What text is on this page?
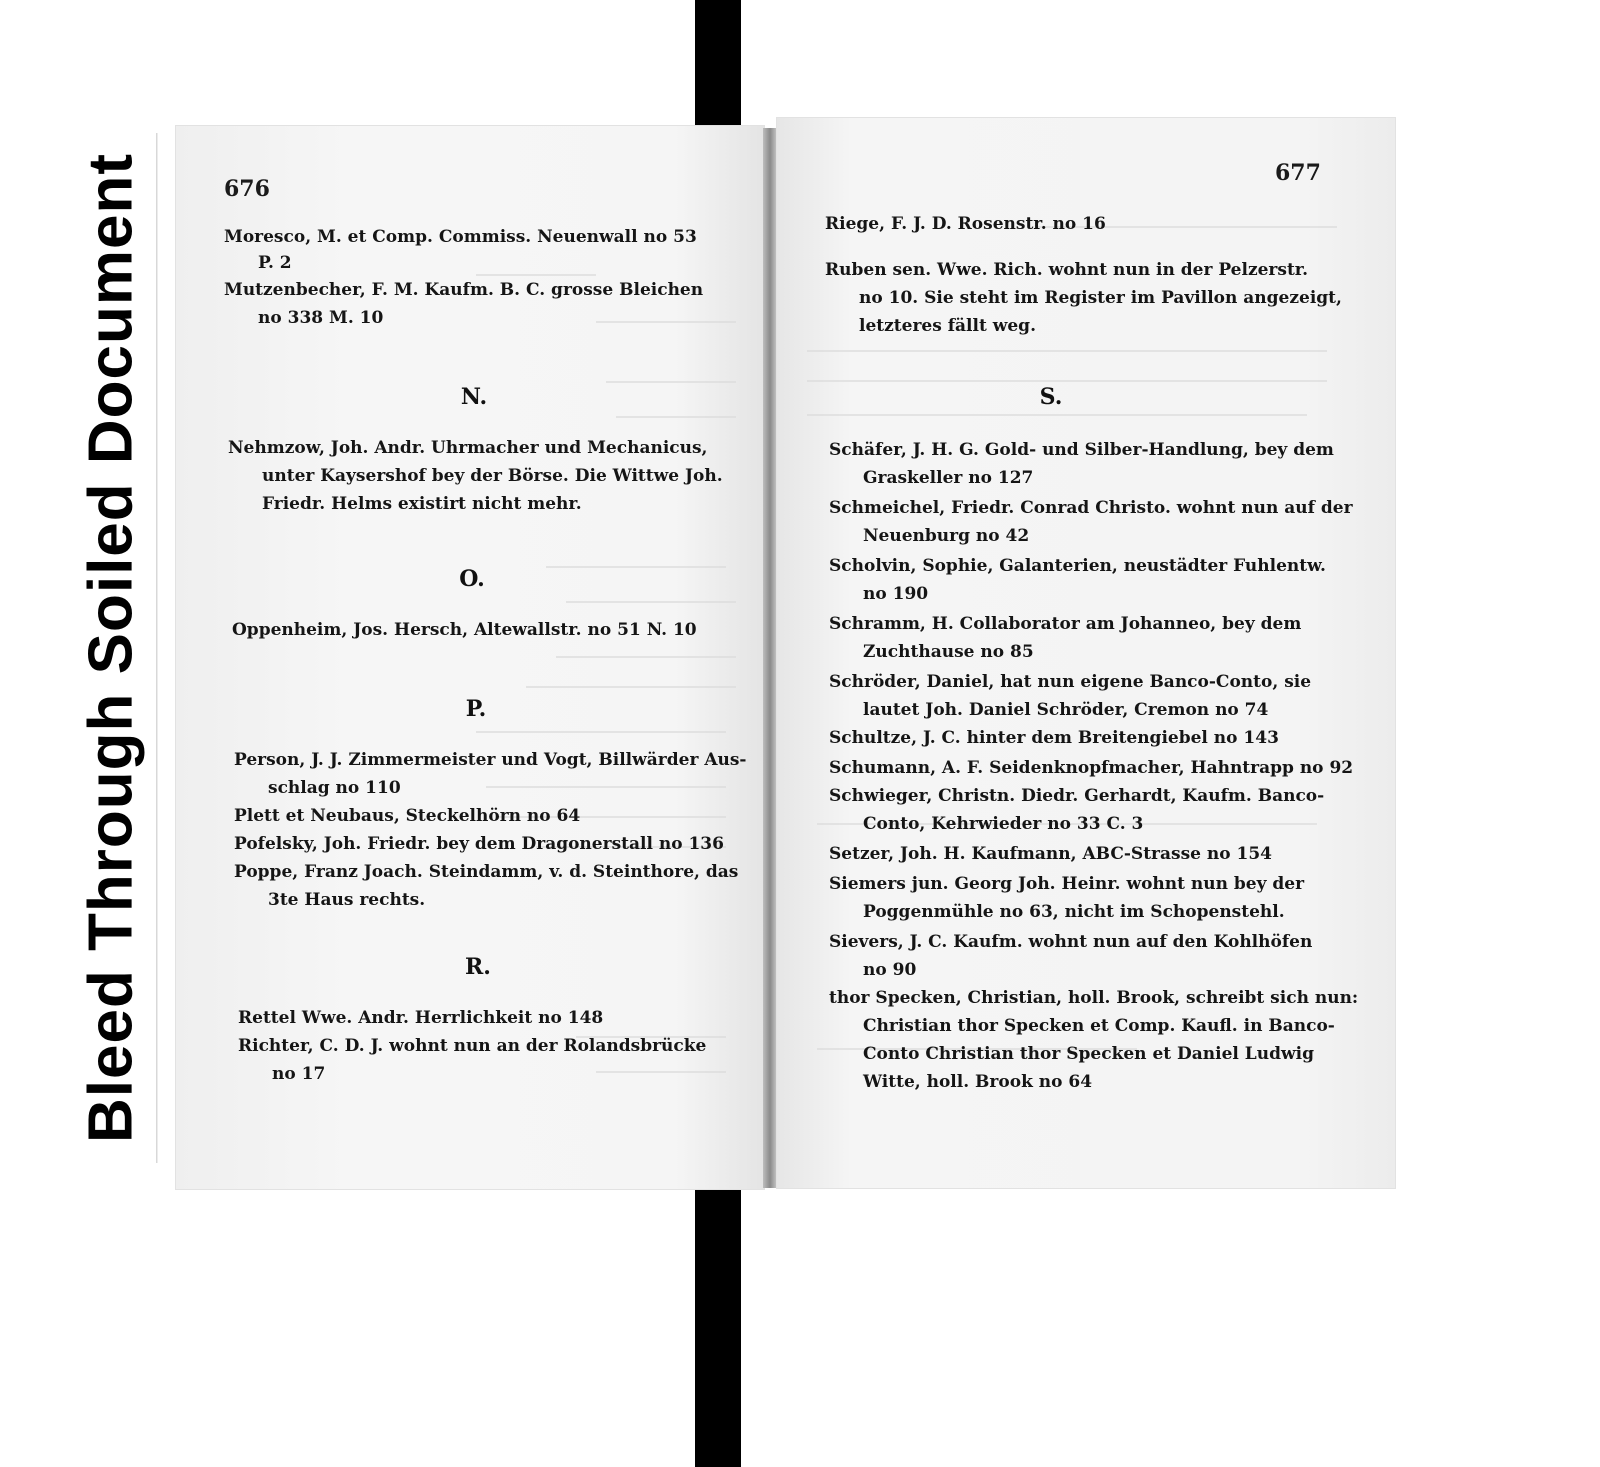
Bleed Through Soiled Document	676
Moresco, M. et Comp. Commiss. Neuenwall no 53
P. 2
Mutzenbecher, F. M. Kaufm. B. C. grosse Bleichen
no 338 M. 10
N.
Nehmzow, Joh. Andr. Uhrmacher und Mechanicus,
unter Kaysershof bey der Börse. Die Wittwe Joh.
Friedr. Helms existirt nicht mehr.
O.
Oppenheim, Jos. Hersch, Altewallstr. no 51 N. 10
P.
Person, J. J. Zimmermeister und Vogt, Billwärder Aus-
schlag no 110
Plett et Neubaus, Steckelhörn no 64
Pofelsky, Joh. Friedr. bey dem Dragonerstall no 136
Poppe, Franz Joach. Steindamm, v. d. Steinthore, das
3te Haus rechts.
R.
Rettel Wwe. Andr. Herrlichkeit no 148
Richter, C. D. J. wohnt nun an der Rolandsbrücke
no 17
677
Riege, F. J. D. Rosenstr. no 16
Ruben sen. Wwe. Rich. wohnt nun in der Pelzerstr.
no 10. Sie steht im Register im Pavillon angezeigt,
letzteres fällt weg.
S.
Schäfer, J. H. G. Gold- und Silber-Handlung, bey dem
Graskeller no 127
Schmeichel, Friedr. Conrad Christo. wohnt nun auf der
Neuenburg no 42
Scholvin, Sophie, Galanterien, neustädter Fuhlentw.
no 190
Schramm, H. Collaborator am Johanneo, bey dem
Zuchthause no 85
Schröder, Daniel, hat nun eigene Banco-Conto, sie
lautet Joh. Daniel Schröder, Cremon no 74
Schultze, J. C. hinter dem Breitengiebel no 143
Schumann, A. F. Seidenknopfmacher, Hahntrapp no 92
Schwieger, Christn. Diedr. Gerhardt, Kaufm. Banco-
Conto, Kehrwieder no 33 C. 3
Setzer, Joh. H. Kaufmann, ABC-Strasse no 154
Siemers jun. Georg Joh. Heinr. wohnt nun bey der
Poggenmühle no 63, nicht im Schopenstehl.
Sievers, J. C. Kaufm. wohnt nun auf den Kohlhöfen
no 90
thor Specken, Christian, holl. Brook, schreibt sich nun:
Christian thor Specken et Comp. Kaufl. in Banco-
Conto Christian thor Specken et Daniel Ludwig
Witte, holl. Brook no 64
